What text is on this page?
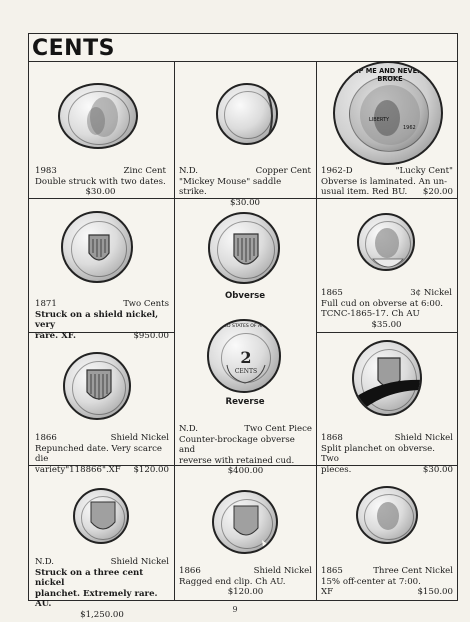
CENTS
1983	Zinc Cent
Double struck with two dates.
$30.00
N.D.	Copper Cent
"Mickey Mouse" saddle strike.
$30.00
LIBERTY
1962
KEEP ME AND NEVER GO BROKE
1962-D	"Lucky Cent"
Obverse is laminated. An un-
usual item. Red BU. $20.00
1871	Two Cents
Struck on a shield nickel, very
rare. XF.	$950.00
Obverse
2
CENTS
UNITED STATES OF AMERICA
Reverse
N.D.	Two Cent Piece
Counter-brockage obverse and
reverse with retained cud.
$400.00
1865	3¢ Nickel
Full cud on obverse at 6:00.
TCNC-1865-17. Ch AU
$35.00
1866	Shield Nickel
Repunched date. Very scarce die
variety"118866".XF $120.00
1868	Shield Nickel
Split planchet on obverse. Two
pieces.	$30.00
N.D.	Shield Nickel
Struck on a three cent nickel
planchet. Extremely rare. AU.
$1,250.00
1866	Shield Nickel
Ragged end clip. Ch AU.
$120.00
1865	Three Cent Nickel
15% off-center at 7:00.
XF	$150.00
9
